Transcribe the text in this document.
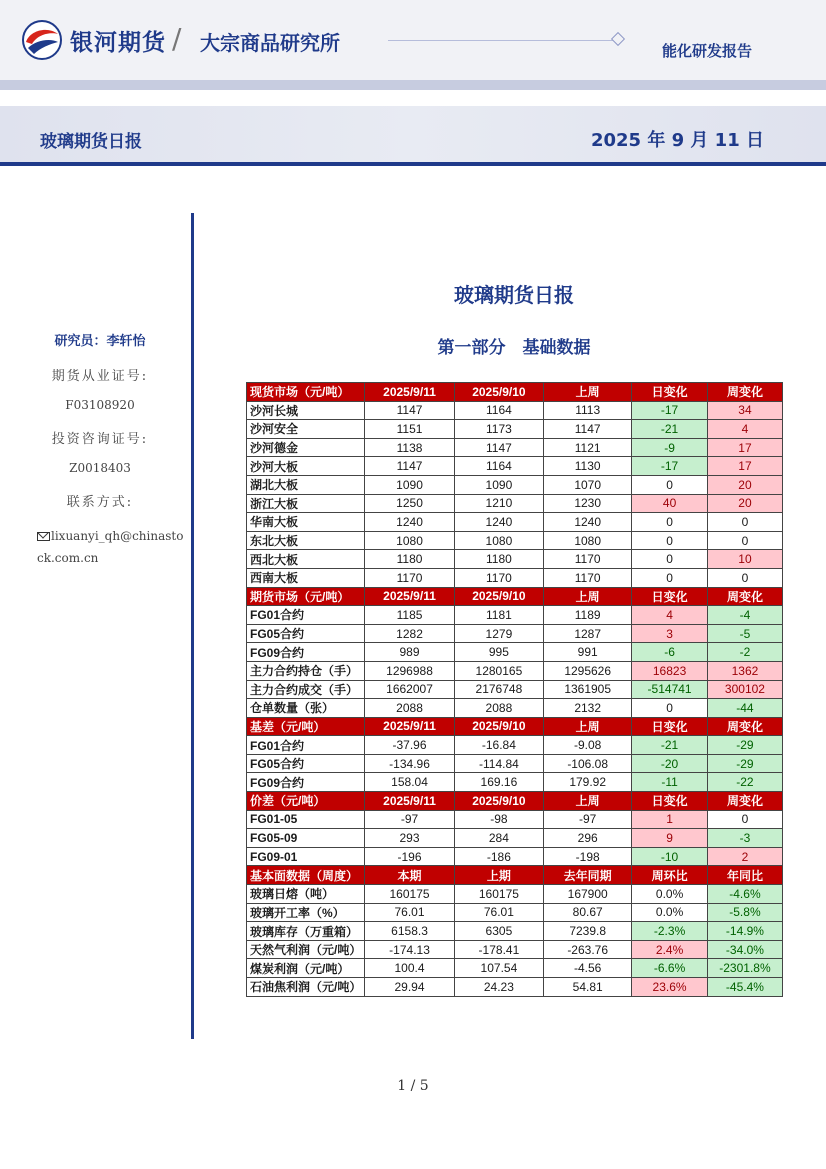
银河期货 / 大宗商品研究所	能化研发报告
玻璃期货日报	2025 年 9 月 11 日
研究员：李轩怡
期货从业证号:
F03108920
投资咨询证号:
Z0018403
联系方式:
lixuanyi_qh@chinastock.com.cn
玻璃期货日报
第一部分　基础数据
现货市场（元/吨）	2025/9/11	2025/9/10	上周	日变化	周变化
沙河长城	1147	1164	1113	-17	34
沙河安全	1151	1173	1147	-21	4
沙河德金	1138	1147	1121	-9	17
沙河大板	1147	1164	1130	-17	17
湖北大板	1090	1090	1070	0	20
浙江大板	1250	1210	1230	40	20
华南大板	1240	1240	1240	0	0
东北大板	1080	1080	1080	0	0
西北大板	1180	1180	1170	0	10
西南大板	1170	1170	1170	0	0
期货市场（元/吨）	2025/9/11	2025/9/10	上周	日变化	周变化
FG01合约	1185	1181	1189	4	-4
FG05合约	1282	1279	1287	3	-5
FG09合约	989	995	991	-6	-2
主力合约持仓（手）	1296988	1280165	1295626	16823	1362
主力合约成交（手）	1662007	2176748	1361905	-514741	300102
仓单数量（张）	2088	2088	2132	0	-44
基差（元/吨）	2025/9/11	2025/9/10	上周	日变化	周变化
FG01合约	-37.96	-16.84	-9.08	-21	-29
FG05合约	-134.96	-114.84	-106.08	-20	-29
FG09合约	158.04	169.16	179.92	-11	-22
价差（元/吨）	2025/9/11	2025/9/10	上周	日变化	周变化
FG01-05	-97	-98	-97	1	0
FG05-09	293	284	296	9	-3
FG09-01	-196	-186	-198	-10	2
基本面数据（周度）	本期	上期	去年同期	周环比	年同比
玻璃日熔（吨）	160175	160175	167900	0.0%	-4.6%
玻璃开工率（%）	76.01	76.01	80.67	0.0%	-5.8%
玻璃库存（万重箱）	6158.3	6305	7239.8	-2.3%	-14.9%
天然气利润（元/吨）	-174.13	-178.41	-263.76	2.4%	-34.0%
煤炭利润（元/吨）	100.4	107.54	-4.56	-6.6%	-2301.8%
石油焦利润（元/吨）	29.94	24.23	54.81	23.6%	-45.4%
1 / 5
